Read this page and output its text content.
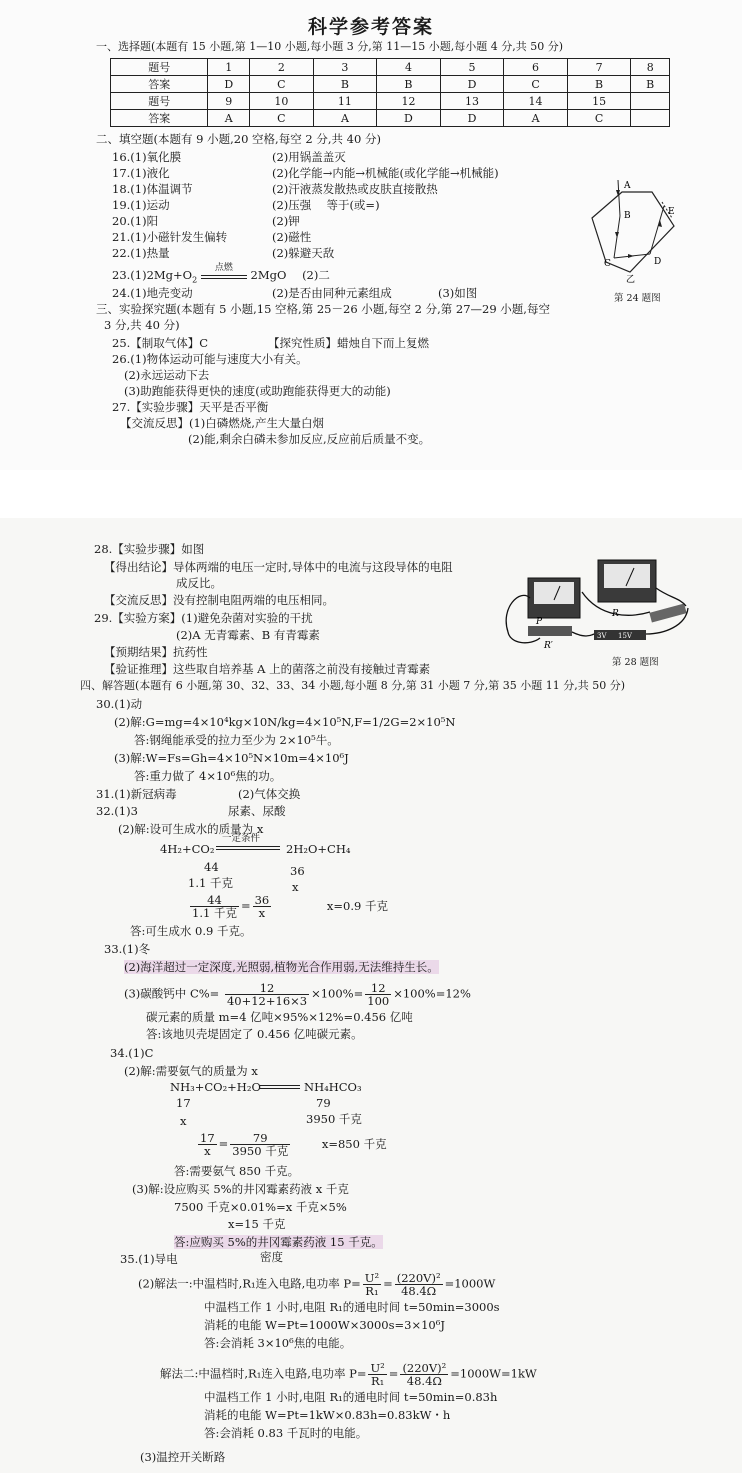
科学参考答案
一、选择题(本题有 15 小题,第 1—10 小题,每小题 3 分,第 11—15 小题,每小题 4 分,共 50 分)
题号	1	2	3	4	5	6	7	8
答案	D	C	B	B	D	C	B	B
题号	9	10	11	12	13	14	15	
答案	A	C	A	D	D	A	C	
二、填空题(本题有 9 小题,20 空格,每空 2 分,共 40 分)
16.(1)氧化膜	(2)用锅盖盖灭
17.(1)液化	(2)化学能→内能→机械能(或化学能→机械能)
18.(1)体温调节	(2)汗液蒸发散热或皮肤直接散热
19.(1)运动	(2)压强　 等于(或=)
20.(1)阳	(2)钾
21.(1)小磁针发生偏转	(2)磁性
22.(1)热量	(2)躲避天敌
$23.(1)2Mg+O_2$
点燃	2MgO (2)二
24.(1)地壳变动	(2)是否由同种元素组成	(3)如图
A
B	E
C	D
乙
第 24 题图
三、实验探究题(本题有 5 小题,15 空格,第 25－26 小题,每空 2 分,第 27—29 小题,每空
3 分,共 40 分)
25.【制取气体】C	【探究性质】蜡烛自下而上复燃
26.(1)物体运动可能与速度大小有关。
(2)永远运动下去
(3)助跑能获得更快的速度(或助跑能获得更大的动能)
27.【实验步骤】天平是否平衡
【交流反思】(1)白磷燃烧,产生大量白烟
(2)能,剩余白磷未参加反应,反应前后质量不变。
28.【实验步骤】如图
【得出结论】导体两端的电压一定时,导体中的电流与这段导体的电阻
成反比。
【交流反思】没有控制电阻两端的电压相同。
29.【实验方案】(1)避免杂菌对实验的干扰
(2)A 无青霉素、B 有青霉素
【预期结果】抗药性
【验证推理】这些取自培养基 A 上的菌落之前没有接触过青霉素
3V 15V
P
R
R′
第 28 题图
四、解答题(本题有 6 小题,第 30、32、33、34 小题,每小题 8 分,第 31 小题 7 分,第 35 小题 11 分,共 50 分)
30.(1)动
(2)解:G=mg=4×10⁴kg×10N/kg=4×10⁵N,F=1/2G=2×10⁵N
答:钢绳能承受的拉力至少为 2×10⁵牛。
(3)解:W=Fs=Gh=4×10⁵N×10m=4×10⁶J
答:重力做了 4×10⁶焦的功。
31.(1)新冠病毒	(2)气体交换
32.(1)3	尿素、尿酸
(2)解:设可生成水的质量为 x
4H₂+CO₂
一定条件
2H₂O+CH₄
44	36
1.1 千克	x
$\frac{44}{\text{1.1 千克}} = \frac{36}{x}$	x=0.9 千克
答:可生成水 0.9 千克。
33.(1)冬
(2)海洋超过一定深度,光照弱,植物光合作用弱,无法维持生长。
(3)碳酸钙中 $C\%= \frac{12}{40+12+16\times 3} \times 100\%= \frac{12}{100} \times 100\%=12\%$
碳元素的质量 m=4 亿吨×95%×12%=0.456 亿吨
答:该地贝壳堤固定了 0.456 亿吨碳元素。
34.(1)C
(2)解:需要氨气的质量为 x
NH₃+CO₂+H₂O	NH₄HCO₃
17	79
x	3950 千克
$\frac{17}{x} = \frac{79}{\text{3950 千克}}$	x=850 千克
答:需要氨气 850 千克。
(3)解:设应购买 5%的井冈霉素药液 x 千克
7500 千克×0.01%=x 千克×5%
x=15 千克
答:应购买 5%的井冈霉素药液 15 千克。
35.(1)导电	密度
(2)解法一:中温档时,R₁连入电路,电功率 $P= \frac{\text{U²}}{\text{R₁}} = \frac{\text{(220V)²}}{48.4\Omega} =1000W$
中温档工作 1 小时,电阻 R₁的通电时间 t=50min=3000s
消耗的电能 W=Pt=1000W×3000s=3×10⁶J
答:会消耗 3×10⁶焦的电能。
解法二:中温档时,R₁连入电路,电功率 $P= \frac{\text{U²}}{\text{R₁}} = \frac{\text{(220V)²}}{48.4\Omega} =1000W=1kW$
中温档工作 1 小时,电阻 R₁的通电时间 t=50min=0.83h
消耗的电能 W=Pt=1kW×0.83h=0.83kW・h
答:会消耗 0.83 千瓦时的电能。
(3)温控开关断路
